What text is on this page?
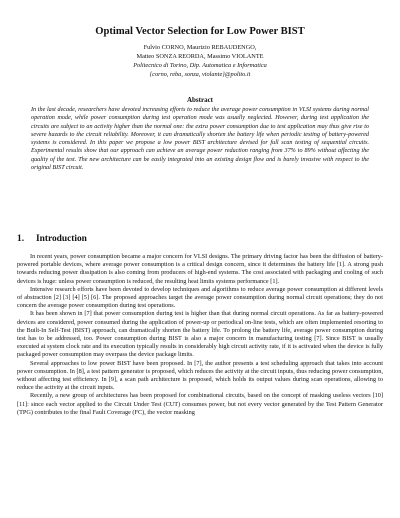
Optimal Vector Selection for Low Power BIST
Fulvio CORNO, Maurizio REBAUDENGO,
Matteo SONZA REORDA, Massimo VIOLANTE
Politecnico di Torino, Dip. Automatica e Informatica
{corno, reba, sonza, violante}@polito.it
Abstract
In the last decade, researchers have devoted increasing efforts to reduce the average power consumption in VLSI systems during normal operation mode, while power consumption during test operation mode was usually neglected. However, during test application the circuits are subject to an activity higher than the normal one: the extra power consumption due to test application may thus give rise to severe hazards to the circuit reliability. Moreover, it can dramatically shorten the battery life when periodic testing of battery-powered systems is considered. In this paper we propose a low power BIST architecture devised for full scan testing of sequential circuits. Experimental results show that our approach can achieve an average power reduction ranging from 37% to 89% without affecting the quality of the test. The new architecture can be easily integrated into an existing design flow and is barely invasive with respect to the original BIST circuit.
1. Introduction

In recent years, power consumption became a major concern for VLSI designs. The primary driving factor has been the diffusion of battery-powered portable devices, where average power consumption is a critical design concern, since it determines the battery life [1]. A strong push towards reducing power dissipation is also coming from producers of high-end systems. The cost associated with packaging and cooling of such devices is huge: unless power consumption is reduced, the resulting heat limits systems performance [1].

Intensive research efforts have been devoted to develop techniques and algorithms to reduce average power consumption at different levels of abstraction [2] [3] [4] [5] [6]. The proposed approaches target the average power consumption during normal circuit operations; they do not concern the average power consumption during test operations.

It has been shown in [7] that power consumption during test is higher than that during normal circuit operations. As far as battery-powered devices are considered, power consumed during the application of power-up or periodical on-line tests, which are often implemented resorting to the Built-In Self-Test (BIST) approach, can dramatically shorten the battery life. To prolong the battery life, average power consumption during test has to be addressed, too. Power consumption during BIST is also a major concern in manufacturing testing [7]. Since BIST is usually executed at system clock rate and its execution typically results in considerably high circuit activity rate, if it is activated when the device is fully packaged power consumption may overpass the device package limits.

Several approaches to low power BIST have been proposed. In [7], the author presents a test scheduling approach that takes into account power consumption. In [8], a test pattern generator is proposed, which reduces the activity at the circuit inputs, thus reducing power consumption, without affecting test efficiency. In [9], a scan path architecture is proposed, which holds its output values during scan operations, allowing to reduce the activity at the circuit inputs.

Recently, a new group of architectures has been proposed for combinational circuits, based on the concept of masking useless vectors [10] [11]: since each vector applied to the Circuit Under Test (CUT) consumes power, but not every vector generated by the Test Pattern Generator (TPG) contributes to the final Fault Coverage (FC), the vector masking
